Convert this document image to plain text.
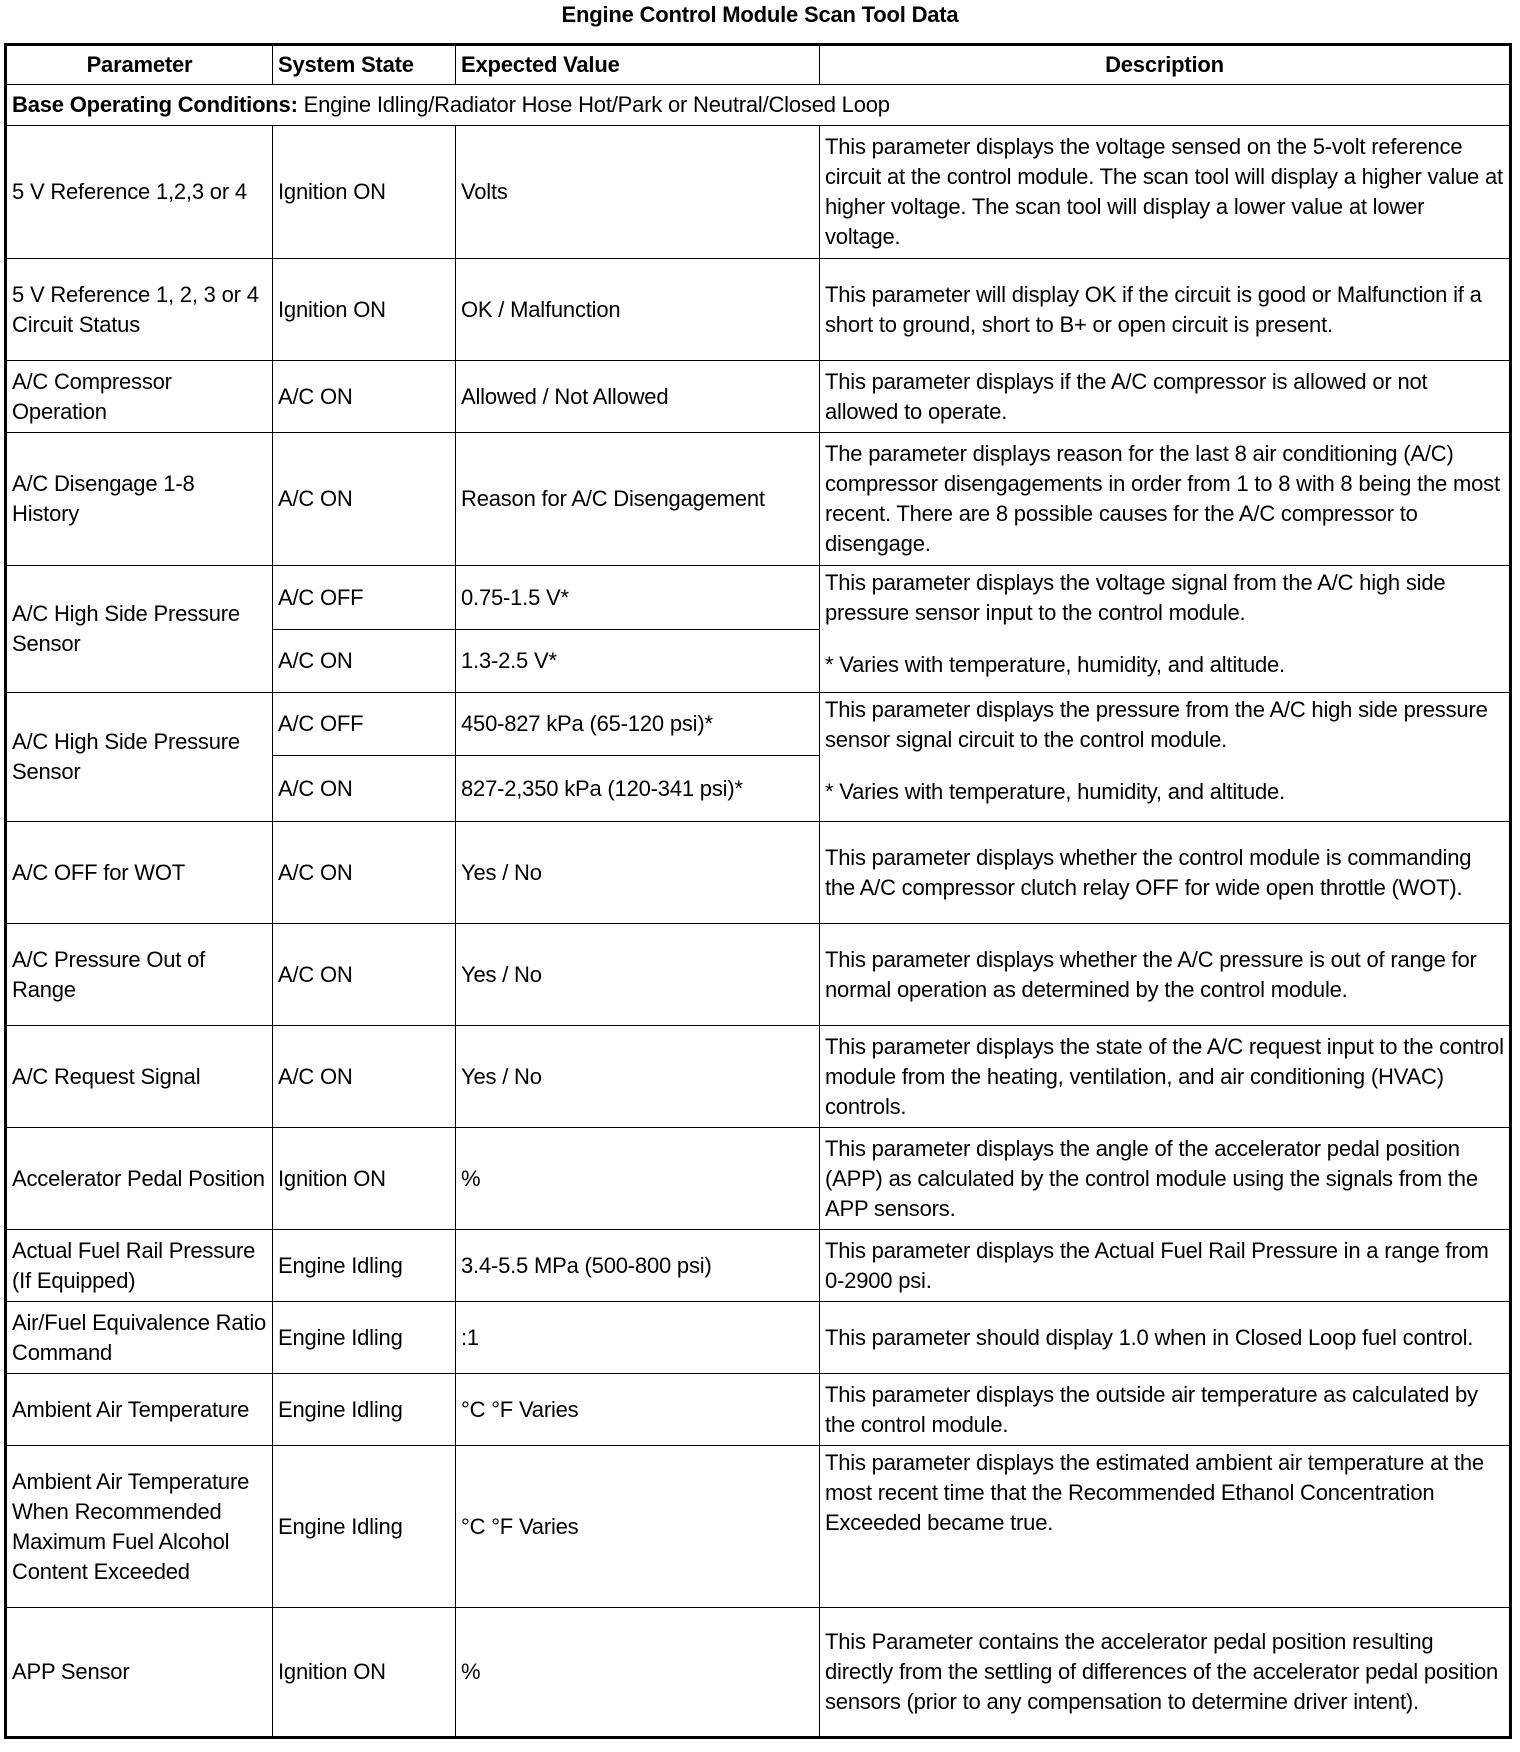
Engine Control Module Scan Tool Data
Parameter	System State	Expected Value	Description
Base Operating Conditions: Engine Idling/Radiator Hose Hot/Park or Neutral/Closed Loop			
5 V Reference 1,2,3 or 4	Ignition ON	Volts	This parameter displays the voltage sensed on the 5-volt reference circuit at the control module. The scan tool will display a higher value at higher voltage. The scan tool will display a lower value at lower voltage.
5 V Reference 1, 2, 3 or 4 Circuit Status	Ignition ON	OK / Malfunction	This parameter will display OK if the circuit is good or Malfunction if a short to ground, short to B+ or open circuit is present.
A/C Compressor Operation	A/C ON	Allowed / Not Allowed	This parameter displays if the A/C compressor is allowed or not allowed to operate.
A/C Disengage 1-8 History	A/C ON	Reason for A/C Disengagement	The parameter displays reason for the last 8 air conditioning (A/C) compressor disengagements in order from 1 to 8 with 8 being the most recent. There are 8 possible causes for the A/C compressor to disengage.
A/C High Side Pressure Sensor	A/C OFF	0.75-1.5 V*	This parameter displays the voltage signal from the A/C high side pressure sensor input to the control module.
* Varies with temperature, humidity, and altitude.

	A/C ON	1.3-2.5 V*	
A/C High Side Pressure Sensor	A/C OFF	450-827 kPa (65-120 psi)*	This parameter displays the pressure from the A/C high side pressure sensor signal circuit to the control module.
* Varies with temperature, humidity, and altitude.

	A/C ON	827-2,350 kPa (120-341 psi)*	
A/C OFF for WOT	A/C ON	Yes / No	This parameter displays whether the control module is commanding the A/C compressor clutch relay OFF for wide open throttle (WOT).
A/C Pressure Out of Range	A/C ON	Yes / No	This parameter displays whether the A/C pressure is out of range for normal operation as determined by the control module.
A/C Request Signal	A/C ON	Yes / No	This parameter displays the state of the A/C request input to the control module from the heating, ventilation, and air conditioning (HVAC) controls.
Accelerator Pedal Position	Ignition ON	%	This parameter displays the angle of the accelerator pedal position (APP) as calculated by the control module using the signals from the APP sensors.
Actual Fuel Rail Pressure (If Equipped)	Engine Idling	3.4-5.5 MPa (500-800 psi)	This parameter displays the Actual Fuel Rail Pressure in a range from 0-2900 psi.
Air/Fuel Equivalence Ratio Command	Engine Idling	:1	This parameter should display 1.0 when in Closed Loop fuel control.
Ambient Air Temperature	Engine Idling	°C °F Varies	This parameter displays the outside air temperature as calculated by the control module.
Ambient Air Temperature When Recommended Maximum Fuel Alcohol Content Exceeded	Engine Idling	°C °F Varies	This parameter displays the estimated ambient air temperature at the most recent time that the Recommended Ethanol Concentration Exceeded became true.
APP Sensor	Ignition ON	%	This Parameter contains the accelerator pedal position resulting directly from the settling of differences of the accelerator pedal position sensors (prior to any compensation to determine driver intent).
